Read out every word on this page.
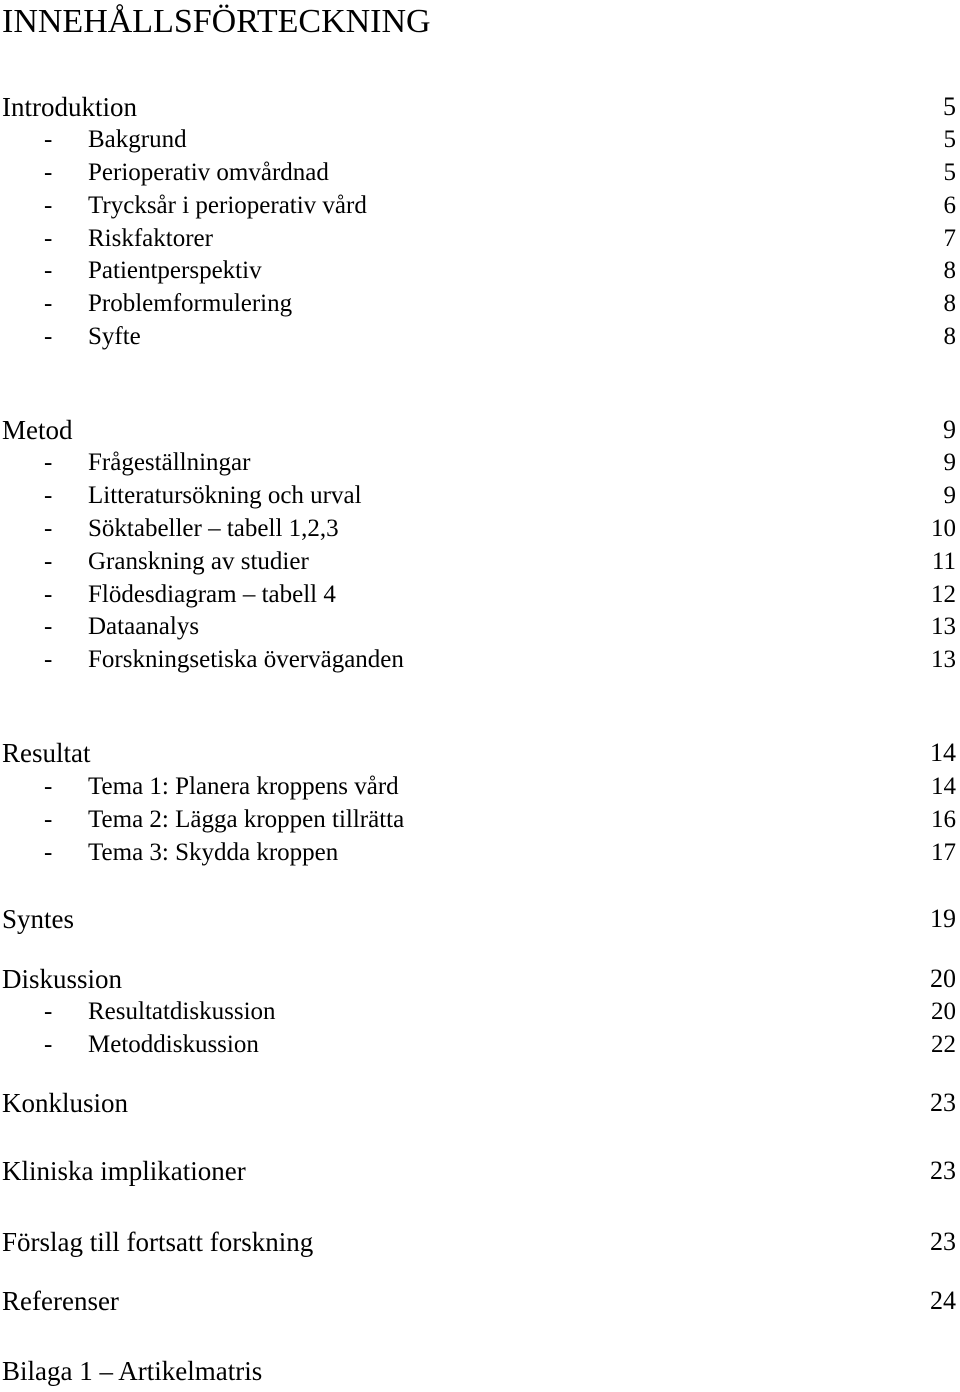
INNEHÅLLSFÖRTECKNING
Introduktion	5
- Bakgrund	5
- Perioperativ omvårdnad	5
- Trycksår i perioperativ vård	6
- Riskfaktorer	7
- Patientperspektiv	8
- Problemformulering	8
- Syfte	8
Metod	9
- Frågeställningar	9
- Litteratursökning och urval	9
- Söktabeller – tabell 1,2,3	10
- Granskning av studier	11
- Flödesdiagram – tabell 4	12
- Dataanalys	13
- Forskningsetiska överväganden	13
Resultat	14
- Tema 1: Planera kroppens vård	14
- Tema 2: Lägga kroppen tillrätta	16
- Tema 3: Skydda kroppen	17
Syntes	19
Diskussion	20
- Resultatdiskussion	20
- Metoddiskussion	22
Konklusion	23
Kliniska implikationer	23
Förslag till fortsatt forskning	23
Referenser	24
Bilaga 1 – Artikelmatris
